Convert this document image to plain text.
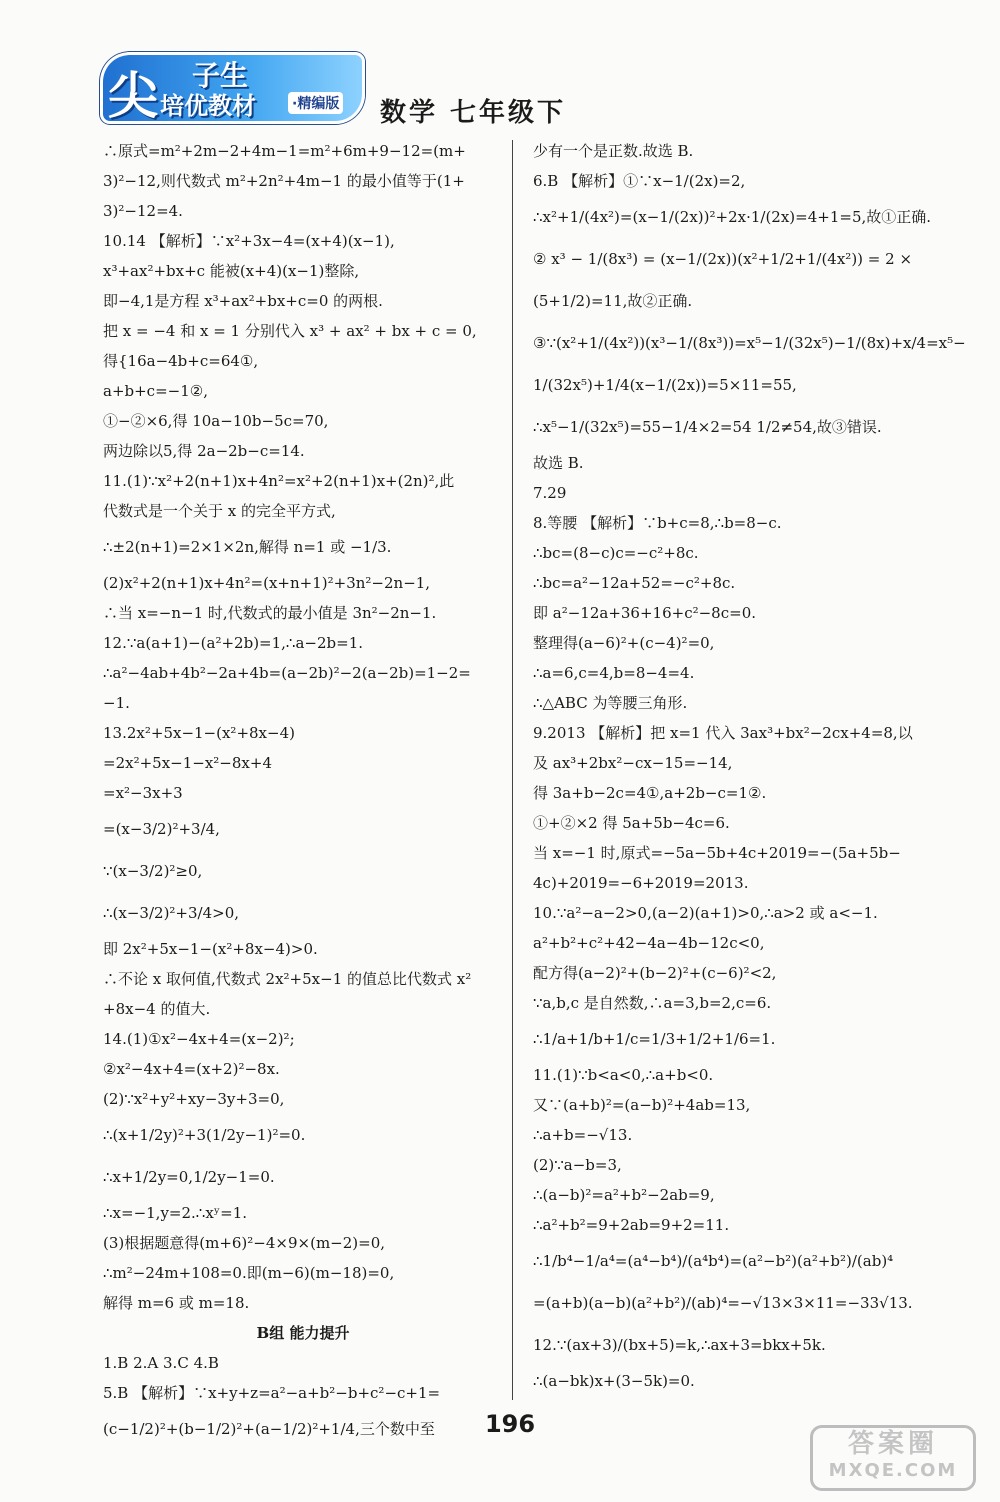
尖 子生
培优教材	·精编版 数学 七年级下
∴原式=m²+2m−2+4m−1=m²+6m+9−12=(m+
3)²−12,则代数式 m²+2n²+4m−1 的最小值等于(1+
3)²−12=4.
10.14 【解析】∵x²+3x−4=(x+4)(x−1),
x³+ax²+bx+c 能被(x+4)(x−1)整除,
即−4,1是方程 x³+ax²+bx+c=0 的两根.
把 x = −4 和 x = 1 分别代入 x³ + ax² + bx + c = 0,
得{16a−4b+c=64①,
a+b+c=−1②,
①−②×6,得 10a−10b−5c=70,
两边除以5,得 2a−2b−c=14.
11.(1)∵x²+2(n+1)x+4n²=x²+2(n+1)x+(2n)²,此
代数式是一个关于 x 的完全平方式,
∴±2(n+1)=2×1×2n,解得 n=1 或 −1/3.
(2)x²+2(n+1)x+4n²=(x+n+1)²+3n²−2n−1,
∴当 x=−n−1 时,代数式的最小值是 3n²−2n−1.
12.∵a(a+1)−(a²+2b)=1,∴a−2b=1.
∴a²−4ab+4b²−2a+4b=(a−2b)²−2(a−2b)=1−2=
−1.
13.2x²+5x−1−(x²+8x−4)
=2x²+5x−1−x²−8x+4
=x²−3x+3
=(x−3/2)²+3/4,
∵(x−3/2)²≥0,
∴(x−3/2)²+3/4>0,
即 2x²+5x−1−(x²+8x−4)>0.
∴不论 x 取何值,代数式 2x²+5x−1 的值总比代数式 x²
+8x−4 的值大.
14.(1)①x²−4x+4=(x−2)²;
②x²−4x+4=(x+2)²−8x.
(2)∵x²+y²+xy−3y+3=0,
∴(x+1/2y)²+3(1/2y−1)²=0.
∴x+1/2y=0,1/2y−1=0.
∴x=−1,y=2.∴xʸ=1.
(3)根据题意得(m+6)²−4×9×(m−2)=0,
∴m²−24m+108=0.即(m−6)(m−18)=0,
解得 m=6 或 m=18.
B组 能力提升
1.B 2.A 3.C 4.B
5.B 【解析】∵x+y+z=a²−a+b²−b+c²−c+1=
(c−1/2)²+(b−1/2)²+(a−1/2)²+1/4,三个数中至
少有一个是正数.故选 B.
6.B 【解析】①∵x−1/(2x)=2,
∴x²+1/(4x²)=(x−1/(2x))²+2x·1/(2x)=4+1=5,故①正确.
② x³ − 1/(8x³) = (x−1/(2x))(x²+1/2+1/(4x²)) = 2 ×
(5+1/2)=11,故②正确.
③∵(x²+1/(4x²))(x³−1/(8x³))=x⁵−1/(32x⁵)−1/(8x)+x/4=x⁵−
1/(32x⁵)+1/4(x−1/(2x))=5×11=55,
∴x⁵−1/(32x⁵)=55−1/4×2=54 1/2≠54,故③错误.
故选 B.
7.29
8.等腰 【解析】∵b+c=8,∴b=8−c.
∴bc=(8−c)c=−c²+8c.
∴bc=a²−12a+52=−c²+8c.
即 a²−12a+36+16+c²−8c=0.
整理得(a−6)²+(c−4)²=0,
∴a=6,c=4,b=8−4=4.
∴△ABC 为等腰三角形.
9.2013 【解析】把 x=1 代入 3ax³+bx²−2cx+4=8,以
及 ax³+2bx²−cx−15=−14,
得 3a+b−2c=4①,a+2b−c=1②.
①+②×2 得 5a+5b−4c=6.
当 x=−1 时,原式=−5a−5b+4c+2019=−(5a+5b−
4c)+2019=−6+2019=2013.
10.∵a²−a−2>0,(a−2)(a+1)>0,∴a>2 或 a<−1.
a²+b²+c²+42−4a−4b−12c<0,
配方得(a−2)²+(b−2)²+(c−6)²<2,
∵a,b,c 是自然数,∴a=3,b=2,c=6.
∴1/a+1/b+1/c=1/3+1/2+1/6=1.
11.(1)∵b<a<0,∴a+b<0.
又∵(a+b)²=(a−b)²+4ab=13,
∴a+b=−√13.
(2)∵a−b=3,
∴(a−b)²=a²+b²−2ab=9,
∴a²+b²=9+2ab=9+2=11.
∴1/b⁴−1/a⁴=(a⁴−b⁴)/(a⁴b⁴)=(a²−b²)(a²+b²)/(ab)⁴
=(a+b)(a−b)(a²+b²)/(ab)⁴=−√13×3×11=−33√13.
12.∵(ax+3)/(bx+5)=k,∴ax+3=bkx+5k.
∴(a−bk)x+(3−5k)=0.
196
答案圈
MXQE.COM
